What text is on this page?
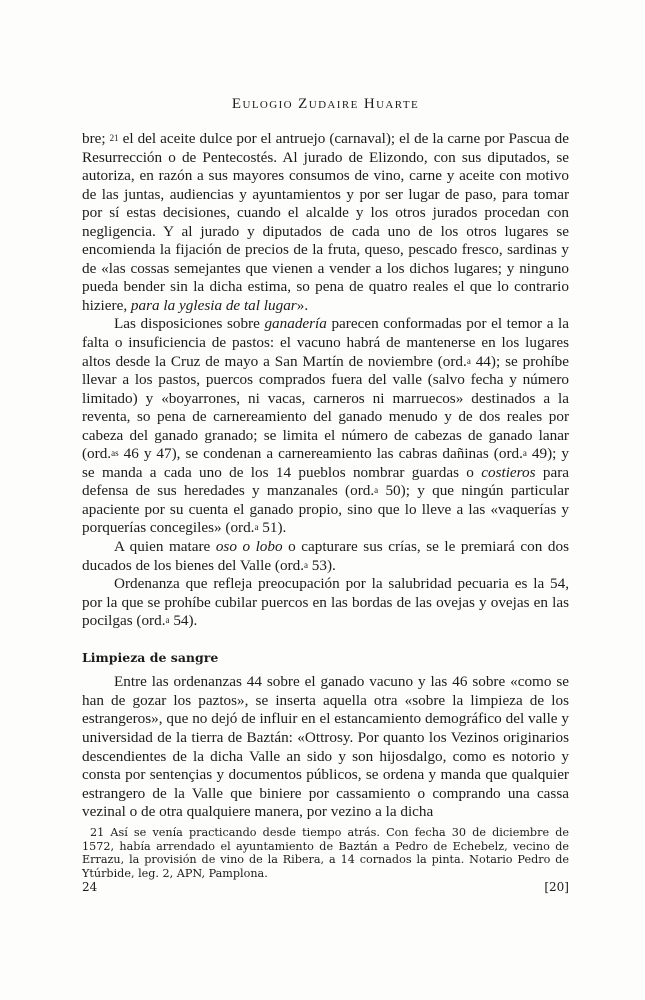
Eulogio Zudaire Huarte

bre; $^{21}$ el del aceite dulce por el antruejo (carnaval); el de la carne por Pascua de Resurrección o de Pentecostés. Al jurado de Elizondo, con sus diputados, se autoriza, en razón a sus mayores consumos de vino, carne y aceite con motivo de las juntas, audiencias y ayuntamientos y por ser lugar de paso, para tomar por sí estas decisiones, cuando el alcalde y los otros jurados procedan con negligencia. Y al jurado y diputados de cada uno de los otros lugares se encomienda la fijación de precios de la fruta, queso, pescado fresco, sardinas y de «las cossas semejantes que vienen a vender a los dichos lugares; y ninguno pueda bender sin la dicha estima, so pena de quatro reales el que lo contrario hiziere, para la yglesia de tal lugar».

Las disposiciones sobre ganadería parecen conformadas por el temor a la falta o insuficiencia de pastos: el vacuno habrá de mantenerse en los lugares altos desde la Cruz de mayo a San Martín de noviembre (ord.$^a$ 44); se prohíbe llevar a los pastos, puercos comprados fuera del valle (salvo fecha y número limitado) y «boyarrones, ni vacas, carneros ni marruecos» destinados a la reventa, so pena de carnereamiento del ganado menudo y de dos reales por cabeza del ganado granado; se limita el número de cabezas de ganado lanar (ord.$^{as}$ 46 y 47), se condenan a carnereamiento las cabras dañinas (ord.$^a$ 49); y se manda a cada uno de los 14 pueblos nombrar guardas o costieros para defensa de sus heredades y manzanales (ord.$^a$ 50); y que ningún particular apaciente por su cuenta el ganado propio, sino que lo lleve a las «vaquerías y porquerías concegiles» (ord.$^a$ 51).

A quien matare oso o lobo o capturare sus crías, se le premiará con dos ducados de los bienes del Valle (ord.$^a$ 53).

Ordenanza que refleja preocupación por la salubridad pecuaria es la 54, por la que se prohíbe cubilar puercos en las bordas de las ovejas y ovejas en las pocilgas (ord.$^a$ 54).

Limpieza de sangre

Entre las ordenanzas 44 sobre el ganado vacuno y las 46 sobre «como se han de gozar los paztos», se inserta aquella otra «sobre la limpieza de los estrangeros», que no dejó de influir en el estancamiento demográfico del valle y universidad de la tierra de Baztán: «Ottrosy. Por quanto los Vezinos originarios descendientes de la dicha Valle an sido y son hijosdalgo, como es notorio y consta por sentençias y documentos públicos, se ordena y manda que qualquier estrangero de la Valle que biniere por cassamiento o comprando una cassa vezinal o de otra qualquiere manera, por vezino a la dicha

21 Así se venía practicando desde tiempo atrás. Con fecha 30 de diciembre de 1572, había arrendado el ayuntamiento de Baztán a Pedro de Echebelz, vecino de Errazu, la provisión de vino de la Ribera, a 14 cornados la pinta. Notario Pedro de Ytúrbide, leg. 2, APN, Pamplona.

24	[20]
